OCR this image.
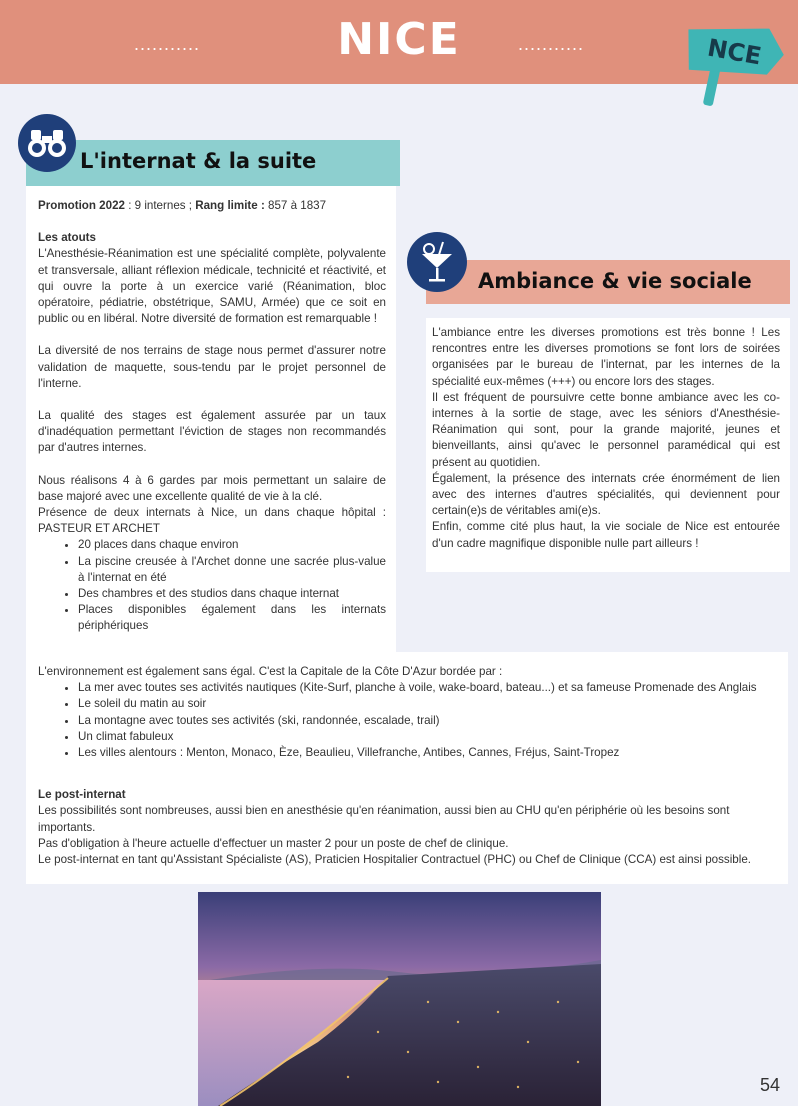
...........	NICE	...........	NCE
L'internat & la suite

Promotion 2022 : 9 internes ; Rang limite : 857 à 1837

Les atouts

L'Anesthésie-Réanimation est une spécialité complète, polyvalente et transversale, alliant réflexion médicale, technicité et réactivité, et qui ouvre la porte à un exercice varié (Réanimation, bloc opératoire, pédiatrie, obstétrique, SAMU, Armée) que ce soit en public ou en libéral. Notre diversité de formation est remarquable !

La diversité de nos terrains de stage nous permet d'assurer notre validation de maquette, sous-tendu par le projet personnel de l'interne.

La qualité des stages est également assurée par un taux d'inadéquation permettant l'éviction de stages non recommandés par d'autres internes.

Nous réalisons 4 à 6 gardes par mois permettant un salaire de base majoré avec une excellente qualité de vie à la clé.

Présence de deux internats à Nice, un dans chaque hôpital : PASTEUR ET ARCHET

• 20 places dans chaque environ
• La piscine creusée à l'Archet donne une sacrée plus-value à l'internat en été
• Des chambres et des studios dans chaque internat
• Places disponibles également dans les internats périphériques
Ambiance & vie sociale

L'ambiance entre les diverses promotions est très bonne ! Les rencontres entre les diverses promotions se font lors de soirées organisées par le bureau de l'internat, par les internes de la spécialité eux-mêmes (+++) ou encore lors des stages.

Il est fréquent de poursuivre cette bonne ambiance avec les co-internes à la sortie de stage, avec les séniors d'Anesthésie-Réanimation qui sont, pour la grande majorité, jeunes et bienveillants, ainsi qu'avec le personnel paramédical qui est présent au quotidien.

Également, la présence des internats crée énormément de lien avec des internes d'autres spécialités, qui deviennent pour certain(e)s de véritables ami(e)s.

Enfin, comme cité plus haut, la vie sociale de Nice est entourée d'un cadre magnifique disponible nulle part ailleurs !

L'environnement est également sans égal. C'est la Capitale de la Côte D'Azur bordée par :

• La mer avec toutes ses activités nautiques (Kite-Surf, planche à voile, wake-board, bateau...) et sa fameuse Promenade des Anglais
• Le soleil du matin au soir
• La montagne avec toutes ses activités (ski, randonnée, escalade, trail)
• Un climat fabuleux
• Les villes alentours : Menton, Monaco, Èze, Beaulieu, Villefranche, Antibes, Cannes, Fréjus, Saint-Tropez

Le post-internat

Les possibilités sont nombreuses, aussi bien en anesthésie qu'en réanimation, aussi bien au CHU qu'en périphérie où les besoins sont importants.

Pas d'obligation à l'heure actuelle d'effectuer un master 2 pour un poste de chef de clinique.

Le post-internat en tant qu'Assistant Spécialiste (AS), Praticien Hospitalier Contractuel (PHC) ou Chef de Clinique (CCA) est ainsi possible.

54
